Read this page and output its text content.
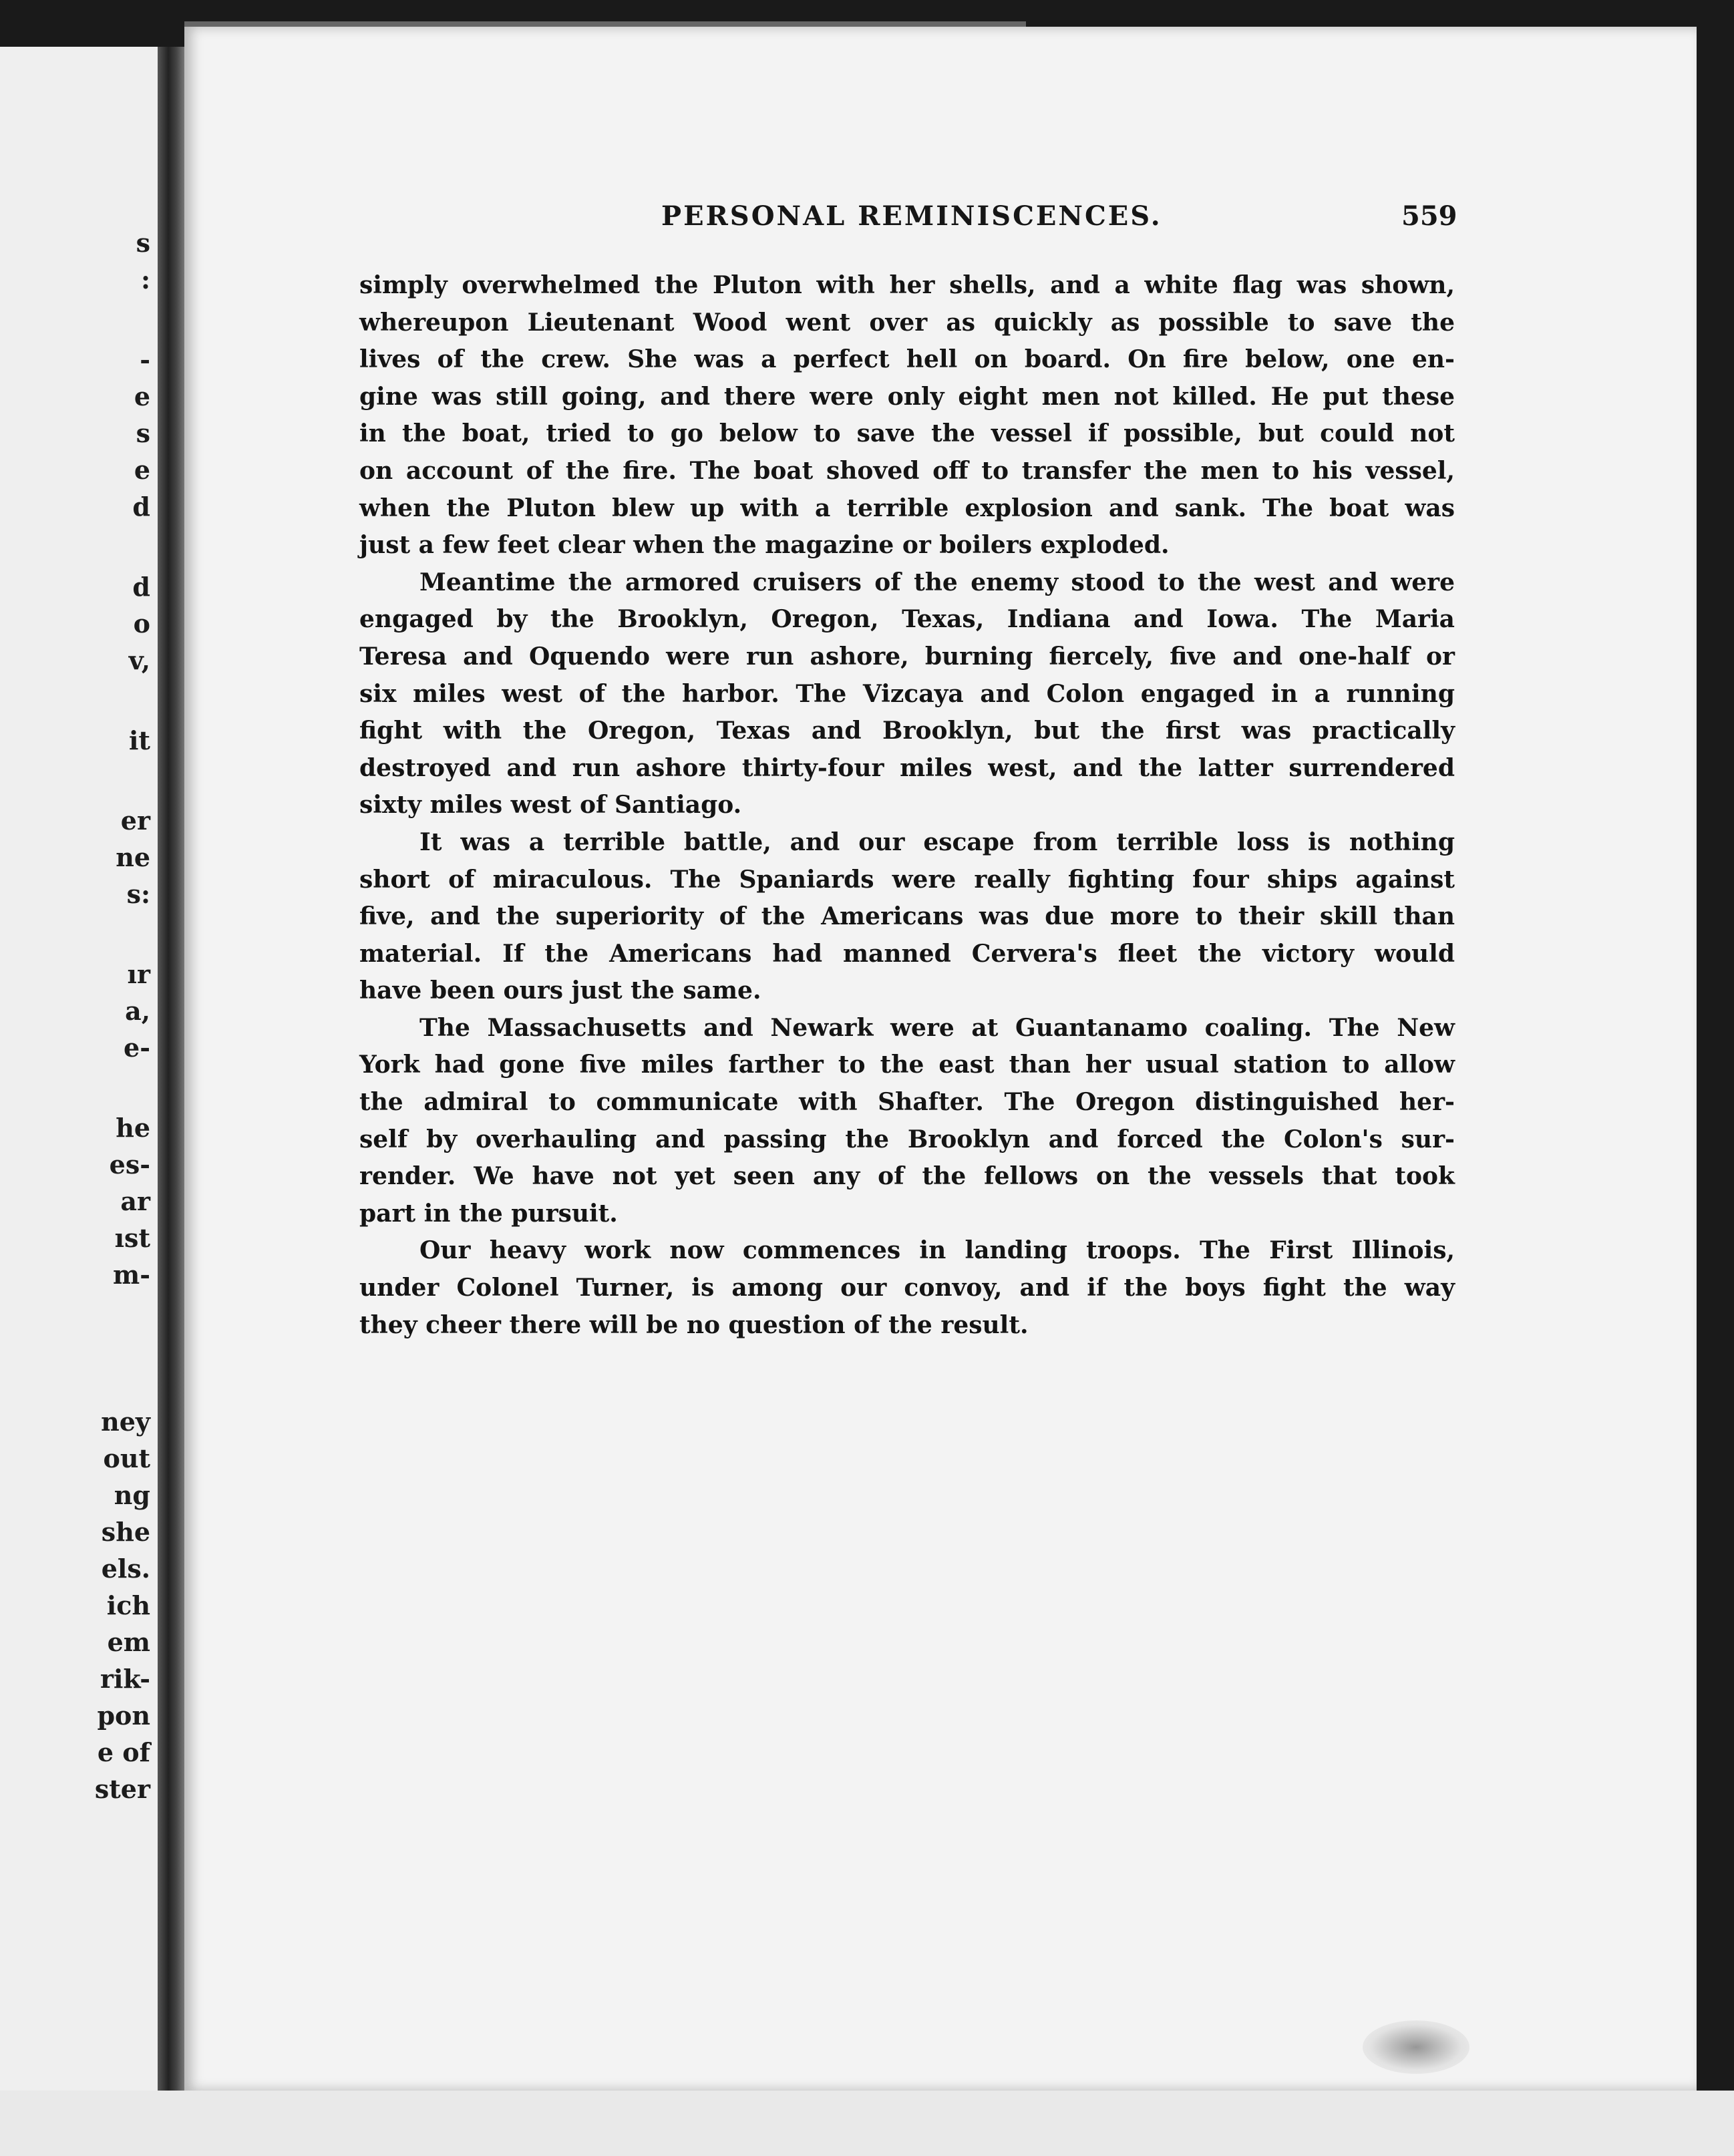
s
:
-
e
s
e
d
d
o
v,
it
er
ne
s:
ır
a,
e-
he
es-
ar
ıst
m-
ney
out
ng
she
els.
ich
em
rik-
pon
e of
ster
PERSONAL REMINISCENCES.	559

simply overwhelmed the Pluton with her shells, and a white flag was shown,
whereupon Lieutenant Wood went over as quickly as possible to save the
lives of the crew. She was a perfect hell on board. On fire below, one en-
gine was still going, and there were only eight men not killed. He put these
in the boat, tried to go below to save the vessel if possible, but could not
on account of the fire. The boat shoved off to transfer the men to his vessel,
when the Pluton blew up with a terrible explosion and sank. The boat was
just a few feet clear when the magazine or boilers exploded.

Meantime the armored cruisers of the enemy stood to the west and were
engaged by the Brooklyn, Oregon, Texas, Indiana and Iowa. The Maria
Teresa and Oquendo were run ashore, burning fiercely, five and one-half or
six miles west of the harbor. The Vizcaya and Colon engaged in a running
fight with the Oregon, Texas and Brooklyn, but the first was practically
destroyed and run ashore thirty-four miles west, and the latter surrendered
sixty miles west of Santiago.

It was a terrible battle, and our escape from terrible loss is nothing
short of miraculous. The Spaniards were really fighting four ships against
five, and the superiority of the Americans was due more to their skill than
material. If the Americans had manned Cervera's fleet the victory would
have been ours just the same.

The Massachusetts and Newark were at Guantanamo coaling. The New
York had gone five miles farther to the east than her usual station to allow
the admiral to communicate with Shafter. The Oregon distinguished her-
self by overhauling and passing the Brooklyn and forced the Colon's sur-
render. We have not yet seen any of the fellows on the vessels that took
part in the pursuit.

Our heavy work now commences in landing troops. The First Illinois,
under Colonel Turner, is among our convoy, and if the boys fight the way
they cheer there will be no question of the result.
